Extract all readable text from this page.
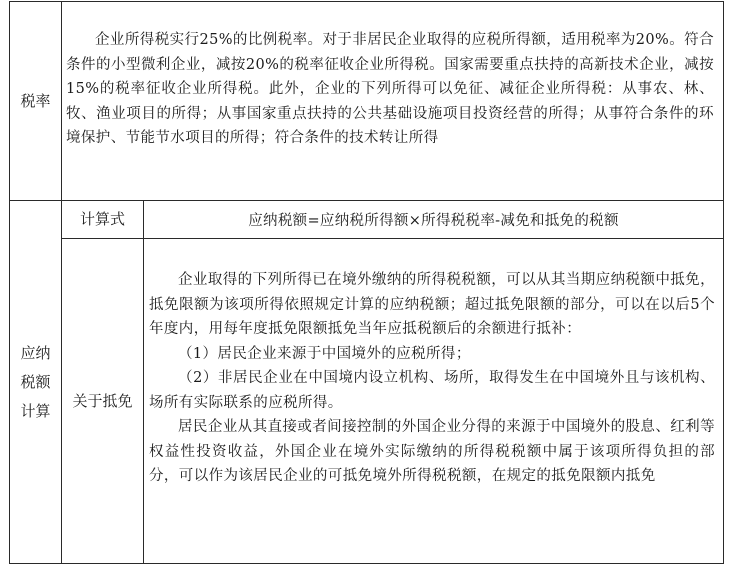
税率

企业所得税实行25%的比例税率。对于非居民企业取得的应税所得额，适用税率为20%。符合条件的小型微利企业，减按20%的税率征收企业所得税。国家需要重点扶持的高新技术企业，减按15%的税率征收企业所得税。此外，企业的下列所得可以免征、减征企业所得税：从事农、林、牧、渔业项目的所得；从事国家重点扶持的公共基础设施项目投资经营的所得；从事符合条件的环境保护、节能节水项目的所得；符合条件的技术转让所得

应纳
税额
计算
计算式	应纳税额=应纳税所得额×所得税税率-减免和抵免的税额
关于抵免

企业取得的下列所得已在境外缴纳的所得税税额，可以从其当期应纳税额中抵免，抵免限额为该项所得依照规定计算的应纳税额；超过抵免限额的部分，可以在以后5个年度内，用每年度抵免限额抵免当年应抵税额后的余额进行抵补：

（1）居民企业来源于中国境外的应税所得；

（2）非居民企业在中国境内设立机构、场所，取得发生在中国境外且与该机构、场所有实际联系的应税所得。

居民企业从其直接或者间接控制的外国企业分得的来源于中国境外的股息、红利等权益性投资收益，外国企业在境外实际缴纳的所得税税额中属于该项所得负担的部分，可以作为该居民企业的可抵免境外所得税税额，在规定的抵免限额内抵免
